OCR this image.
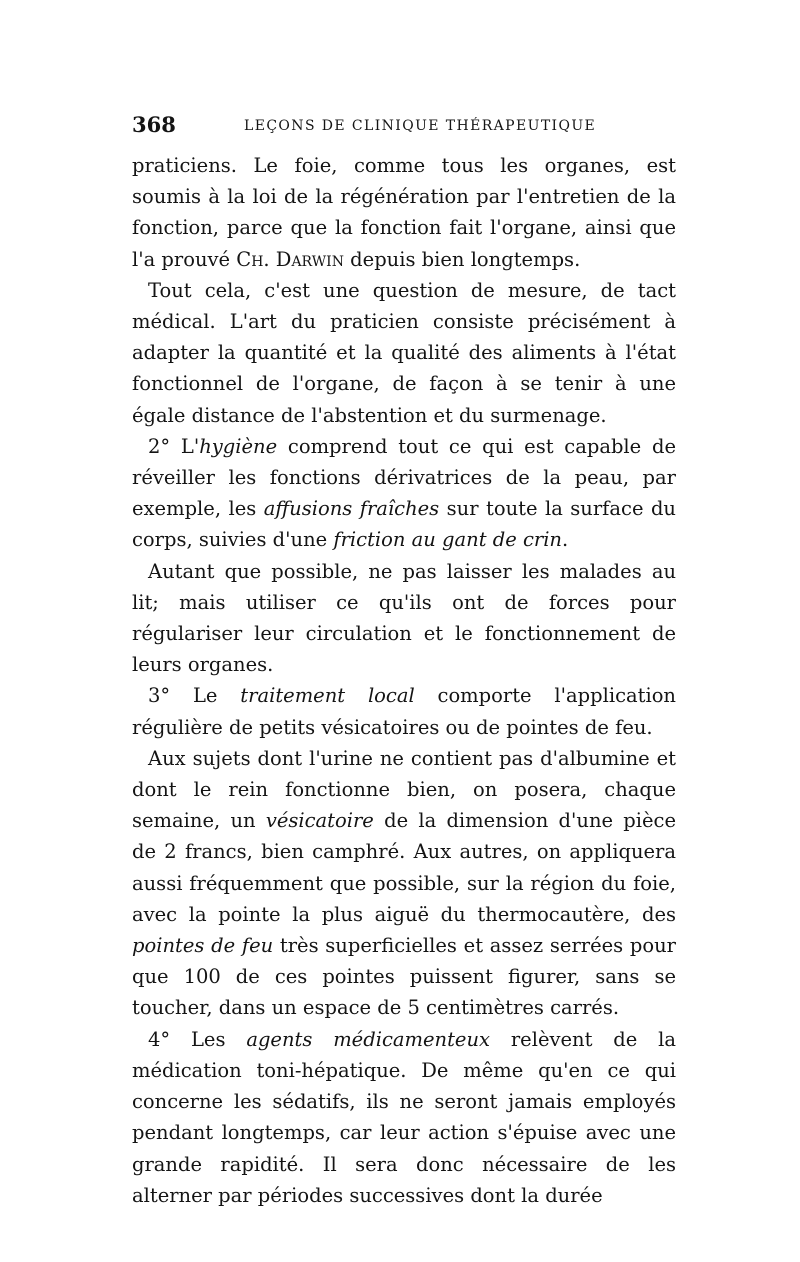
368	LEÇONS DE CLINIQUE THÉRAPEUTIQUE

praticiens. Le foie, comme tous les organes, est soumis à la loi de la régénération par l'entretien de la fonction, parce que la fonction fait l'organe, ainsi que l'a prouvé Ch. Darwin depuis bien longtemps.

Tout cela, c'est une question de mesure, de tact médical. L'art du praticien consiste précisément à adapter la quantité et la qualité des aliments à l'état fonctionnel de l'organe, de façon à se tenir à une égale distance de l'abstention et du surmenage.

2° L'hygiène comprend tout ce qui est capable de réveiller les fonctions dérivatrices de la peau, par exemple, les affusions fraîches sur toute la surface du corps, suivies d'une friction au gant de crin.

Autant que possible, ne pas laisser les malades au lit; mais utiliser ce qu'ils ont de forces pour régulariser leur circulation et le fonctionnement de leurs organes.

3° Le traitement local comporte l'application régulière de petits vésicatoires ou de pointes de feu.

Aux sujets dont l'urine ne contient pas d'albumine et dont le rein fonctionne bien, on posera, chaque semaine, un vésicatoire de la dimension d'une pièce de 2 francs, bien camphré. Aux autres, on appliquera aussi fréquemment que possible, sur la région du foie, avec la pointe la plus aiguë du thermocautère, des pointes de feu très superficielles et assez serrées pour que 100 de ces pointes puissent figurer, sans se toucher, dans un espace de 5 centimètres carrés.

4° Les agents médicamenteux relèvent de la médication toni-hépatique. De même qu'en ce qui concerne les sédatifs, ils ne seront jamais employés pendant longtemps, car leur action s'épuise avec une grande rapidité. Il sera donc nécessaire de les alterner par périodes successives dont la durée
